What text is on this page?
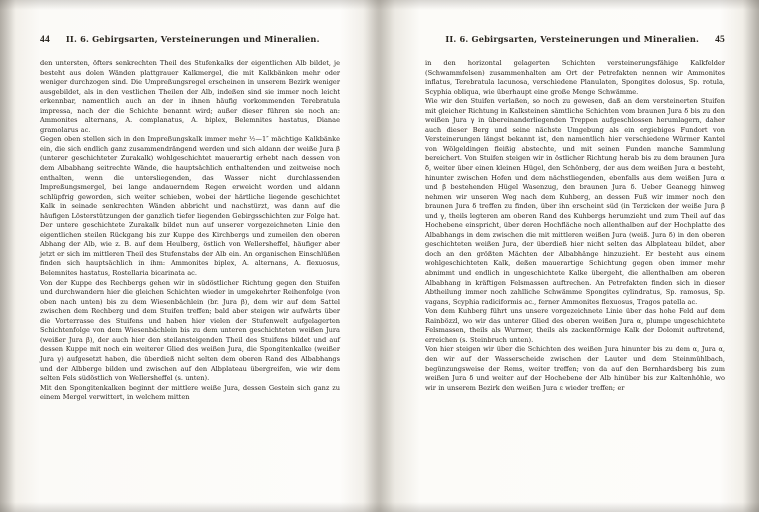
44 II. 6. Gebirgsarten, Versteinerungen und Mineralien.

den untersten, öfters senkrechten Theil des Stufenkalks der eigentlichen Alb bildet, je besteht aus dolen Wänden plattgrauer Kalkmergel, die mit Kalkbänken mehr oder weniger durchzogen sind. Die Umpreßungsregel erscheinen in unserem Bezirk weniger ausgebildet, als in den vestlichen Theilen der Alb, indeßen sind sie immer noch leicht erkennbar, namentlich auch an der in ihnen häufig vorkommenden Terebratula impressa, nach der die Schichte benannt wird; außer dieser führen sie noch an: Ammonites alternans, A. complanatus, A. biplex, Belemnites hastatus, Dianae gramolarus ac.

Gegen oben stellen sich in den Impreßungskalk immer mehr ½—1″ mächtige Kalkbänke ein, die sich endlich ganz zusammendrängend werden und sich aldann der weiße Jura β (unterer geschichteter Zurakalk) wohlgeschichtet mauerartig erhebt nach dessen von dem Albabhang seitrechte Wände, die hauptsächlich enthaltenden und zeitweise noch enthalten, wenn die untersliegenden, das Wasser nicht durchlassenden Impreßungsmergel, bei lange andauerndem Regen erweicht worden und aldann schlüpfrig geworden, sich weiter schieben, wobei der härtliche liegende geschichtet Kalk in seinade senkrechten Wänden abbricht und nachstürzt, was dann auf die häufigen Lösterstützungen der ganzlich tiefer liegenden Gebirgsschichten zur Folge hat. Der untere geschichtete Zurakalk bildet nun auf unserer vorgezeichneten Linie den eigentlichen steilen Rückgang bis zur Kuppe des Kirchbergs und zumeilen den oberen Abhang der Alb, wie z. B. auf dem Heulberg, östlich von Wellersheffel, häufiger aber jetzt er sich im mittleren Theil des Stufenstabs der Alb ein. An organischen Einschlüßen finden sich hauptsächlich in ihm: Ammonites biplex, A. alternans, A. flexuosus, Belemnites hastatus, Rostellaria bicarinata ac.

Von der Kuppe des Rechbergs gehen wir in südöstlicher Richtung gegen den Stuifen und durchwandern hier die gleichen Schichten wieder in umgekehrter Reihenfolge (von oben nach unten) bis zu dem Wiesenbächlein (br. Jura β), dem wir auf dem Sattel zwischen dem Rechberg und dem Stuifen treffen; bald aber steigen wir aufwärts über die Vorterrasse des Stuifens und haben hier vielen der Stufenwelt aufgelagerten Schichtenfolge von dem Wiesenbächlein bis zu dem unteren geschichteten weißen Jura (weißer Jura β), der auch hier den steilansteigenden Theil des Stuifens bildet und auf dessen Kuppe mit noch ein weiterer Glied des weißen Jura, die Spongitenkalke (weißer Jura γ) aufgesetzt haben, die überdieß nicht selten dem oberen Rand des Albabhangs und der Albberge bilden und zwischen auf den Albplateau übergreifen, wie wir dem selten Fels südöstlich von Wellersheffel (s. unten).

Mit den Spongitenkalken beginnt der mittlere weiße Jura, dessen Gestein sich ganz zu einem Mergel verwittert, in welchem mitten

II. 6. Gebirgsarten, Versteinerungen und Mineralien. 45

in den horizontal gelagerten Schichten versteinerungsfähige Kalkfelder (Schwammfelsen) zusammenhalten am Ort der Petrefakten nennen wir Ammonites inflatus, Terebratula lacunosa, verschiedene Planulaten, Spongites dolosus, Sp. rotula, Scyphia obliqua, wie überhaupt eine große Menge Schwämme.

Wie wir den Stuifen verlaßen, so noch zu gewesen, daß an dem versteinerten Stuifen mit gleicher Richtung in Kalksteinen sämtliche Schichten vom braunen Jura δ bis zu den weißen Jura γ in übereinanderliegenden Treppen aufgeschlossen herumlagern, daher auch dieser Berg und seine nächste Umgebung als ein ergiebiges Fundort von Versteinerungen längst bekannt ist, den namentlich hier verschiedene Würmer Kantel von Wölgeldingen fleißig abstechte, und mit seinen Funden manche Sammlung bereichert. Von Stuifen steigen wir in östlicher Richtung herab bis zu dem braunen Jura δ, weiter über einen kleinen Hügel, den Schönberg, der aus dem weißen Jura α besteht, hinunter zwischen Hofen und dem nächstliegenden, ebenfalls aus dem weißen Jura α und β bestehenden Hügel Wasenzug, den braunen Jura δ. Ueber Geanegg hinweg nehmen wir unseren Weg nach dem Kuhberg, an dessen Fuß wir immer noch den braunen Jura δ treffen zu finden, über ihn erscheint süd (in Terzicken der weiße Jura β und γ, theils legteren am oberen Rand des Kuhbergs herumzieht und zum Theil auf das Hochebene einspricht, über deren Hochfläche noch allenthalben auf der Hochplatte des Albabhangs in dem zwischen die mit mittleren weißen Jura (weiß. Jura δ) in den oberen geschichteten weißen Jura, der überdieß hier nicht selten das Albplateau bildet, aber doch an den größten Mächten der Albabhänge hinzuzieht. Er besteht aus einem wohlgeschichteten Kalk, deßen mauerartige Schichtung gegen oben immer mehr abnimmt und endlich in ungeschichtete Kalke übergeht, die allenthalben am oberen Albabhang in kräftigen Felsmassen auftrechen. An Petrefakten finden sich in dieser Abtheilung immer noch zahlliche Schwämme Spongites cylindratus, Sp. ramosus, Sp. vagans, Scyphia radiciformis ac., ferner Ammonites flexuosus, Tragos patella ac.

Von dem Kuhberg führt uns unsere vorgezeichnete Linie über das hohe Feld auf dem Rainbözzl, wo wir das unterer Glied des oberen weißen Jura α, plumpe ungeschichtete Felsmassen, theils als Wurmer, theils als zackenförmige Kalk der Dolomit auftretend, erreichen (s. Steinbruch unten).

Von hier steigen wir über die Schichten des weißen Jura hinunter bis zu dem α, Jura α, den wir auf der Wasserscheide zwischen der Lauter und dem Steinmühlbach, begünzungsweise der Rems, weiter treffen; von da auf den Bernhardsberg bis zum weißen Jura δ und weiter auf der Hochebene der Alb hinüber bis zur Kaltenhöhle, wo wir in unserem Bezirk den weißen Jura ε wieder treffen; er
